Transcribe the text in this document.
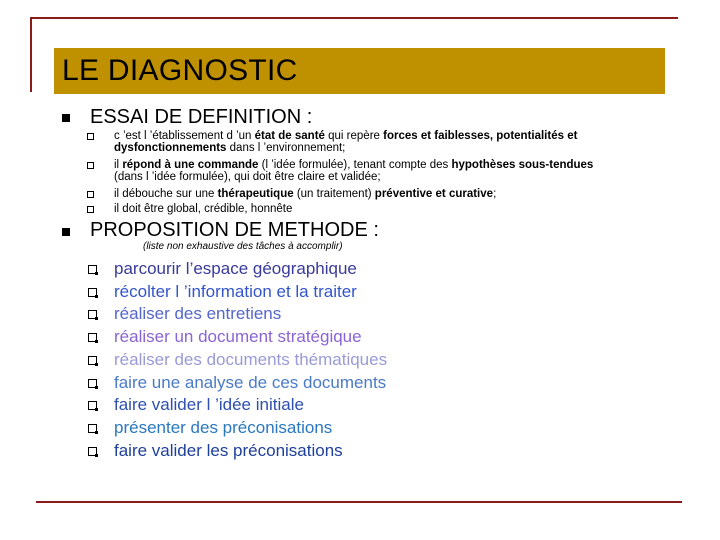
LE DIAGNOSTIC
ESSAI DE DEFINITION :
c ’est l ’établissement d ’un état de santé qui repère forces et faiblesses, potentialités et
dysfonctionnements dans l ’environnement;
il répond à une commande (l ’idée formulée), tenant compte des hypothèses sous-tendues
(dans l ’idée formulée), qui doit être claire et validée;
il débouche sur une thérapeutique (un traitement) préventive et curative;
il doit être global, crédible, honnête
PROPOSITION DE METHODE :
(liste non exhaustive des tâches à accomplir)
parcourir l’espace géographique
récolter l ’information et la traiter
réaliser des entretiens
réaliser un document stratégique
réaliser des documents thématiques
faire une analyse de ces documents
faire valider l ’idée initiale
présenter des préconisations
faire valider les préconisations
